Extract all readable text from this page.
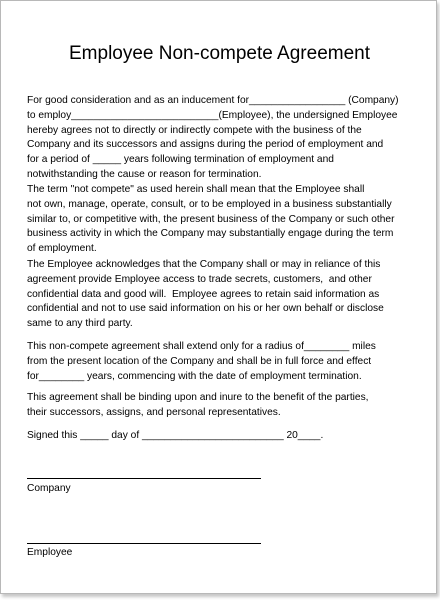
Employee Non-compete Agreement

For good consideration and as an inducement for_________________ (Company)
to employ__________________________(Employee), the undersigned Employee
hereby agrees not to directly or indirectly compete with the business of the
Company and its successors and assigns during the period of employment and
for a period of _____ years following termination of employment and
notwithstanding the cause or reason for termination.

The term "not compete" as used herein shall mean that the Employee shall
not own, manage, operate, consult, or to be employed in a business substantially
similar to, or competitive with, the present business of the Company or such other
business activity in which the Company may substantially engage during the term
of employment.

The Employee acknowledges that the Company shall or may in reliance of this
agreement provide Employee access to trade secrets, customers,  and other
confidential data and good will.  Employee agrees to retain said information as
confidential and not to use said information on his or her own behalf or disclose
same to any third party.

This non-compete agreement shall extend only for a radius of________ miles
from the present location of the Company and shall be in full force and effect
for________ years, commencing with the date of employment termination.

This agreement shall be binding upon and inure to the benefit of the parties,
their successors, assigns, and personal representatives.

Signed this _____ day of _________________________ 20____.

Company
Employee
